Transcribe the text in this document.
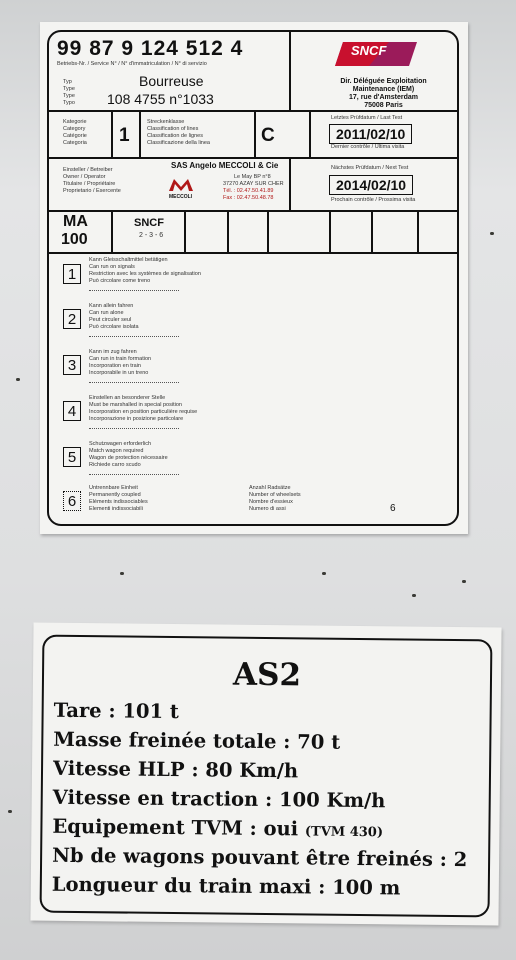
99 87 9 124 512 4
Betriebs-Nr. / Service N° / N° d'immatriculation / N° di servizio
Typ
Type
Type
Typo
Bourreuse
108 4755 n°1033
SNCF
Dir. Déléguée Exploitation
Maintenance (IEM)
17, rue d'Amsterdam
75008 Paris
Kategorie
Category
Catégorie
Categoria 1
Streckenklasse
Classification of lines
Classification de lignes
Classificazione della linea	C
Letztes Prüfdatum / Last Test
2011/02/10
Dernier contrôle / Ultima visita
Nächstes Prüfdatum / Next Test
2014/02/10
Prochain contrôle / Prossima visita
Einsteller / Betreiber
Owner / Operator
Titulaire / Propriétaire
Proprietario / Esercente
SAS Angelo MECCOLI & Cie
MECCOLI
Le May BP n°8
37270 AZAY SUR CHER
Tél. : 02.47.50.41.89
Fax : 02.47.50.48.78
MA
100
SNCF
2 - 3 - 6
1
Kann Gleisschaltmittel betätigen
Can run on signals
Restriction avec les systèmes de signalisation
Può circolare come treno
2
Kann allein fahren
Can run alone
Peut circuler seul
Può circolare isolata
3
Kann im zug fahren
Can run in train formation
Incorporation en train
Incorporabile in un treno
4
Einstellen an besonderer Stelle
Must be marshalled in special position
Incorporation en position particulière requise
Incorporazione in posizione particolare
5
Schutzwagen erforderlich
Match wagon required
Wagon de protection nécessaire
Richiede carro scudo
6
Untrennbare Einheit
Permanently coupled
Eléments indissociables
Elementi indissociabili
Anzahl Radsätze
Number of wheelsets
Nombre d'essieux
Numero di assi	6
AS2
Tare : 101 t
Masse freinée totale : 70 t
Vitesse HLP : 80 Km/h
Vitesse en traction : 100 Km/h
Equipement TVM : oui (TVM 430)
Nb de wagons pouvant être freinés : 2
Longueur du train maxi : 100 m
